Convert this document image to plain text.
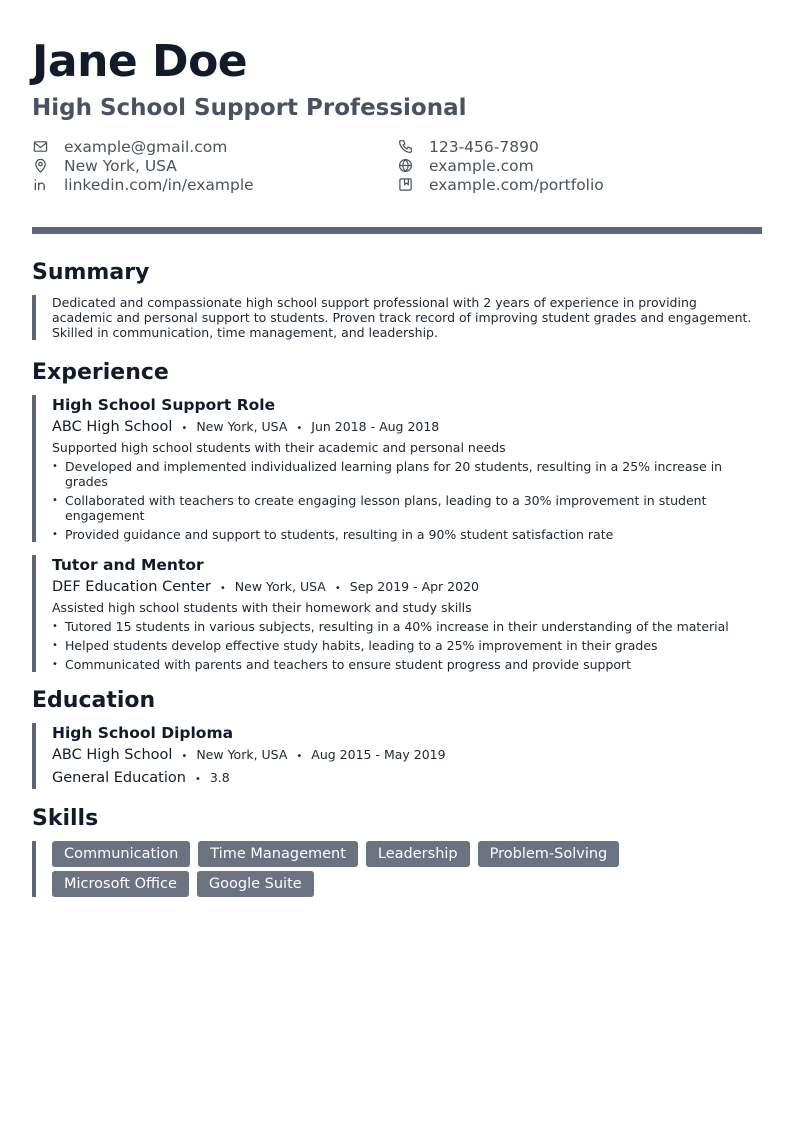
Jane Doe
High School Support Professional
example@gmail.com	123-456-7890
New York, USA	example.com
linkedin.com/in/example	example.com/portfolio
Summary
Dedicated and compassionate high school support professional with 2 years of experience in providing academic and personal support to students. Proven track record of improving student grades and engagement. Skilled in communication, time management, and leadership.
Experience
High School Support Role
ABC High School • New York, USA • Jun 2018 - Aug 2018
Supported high school students with their academic and personal needs
• Developed and implemented individualized learning plans for 20 students, resulting in a 25% increase in grades
• Collaborated with teachers to create engaging lesson plans, leading to a 30% improvement in student engagement
• Provided guidance and support to students, resulting in a 90% student satisfaction rate
Tutor and Mentor
DEF Education Center • New York, USA • Sep 2019 - Apr 2020
Assisted high school students with their homework and study skills
• Tutored 15 students in various subjects, resulting in a 40% increase in their understanding of the material
• Helped students develop effective study habits, leading to a 25% improvement in their grades
• Communicated with parents and teachers to ensure student progress and provide support
Education
High School Diploma
ABC High School • New York, USA • Aug 2015 - May 2019
General Education • 3.8
Skills
Communication	Time Management	Leadership	Problem-Solving
Microsoft Office	Google Suite
